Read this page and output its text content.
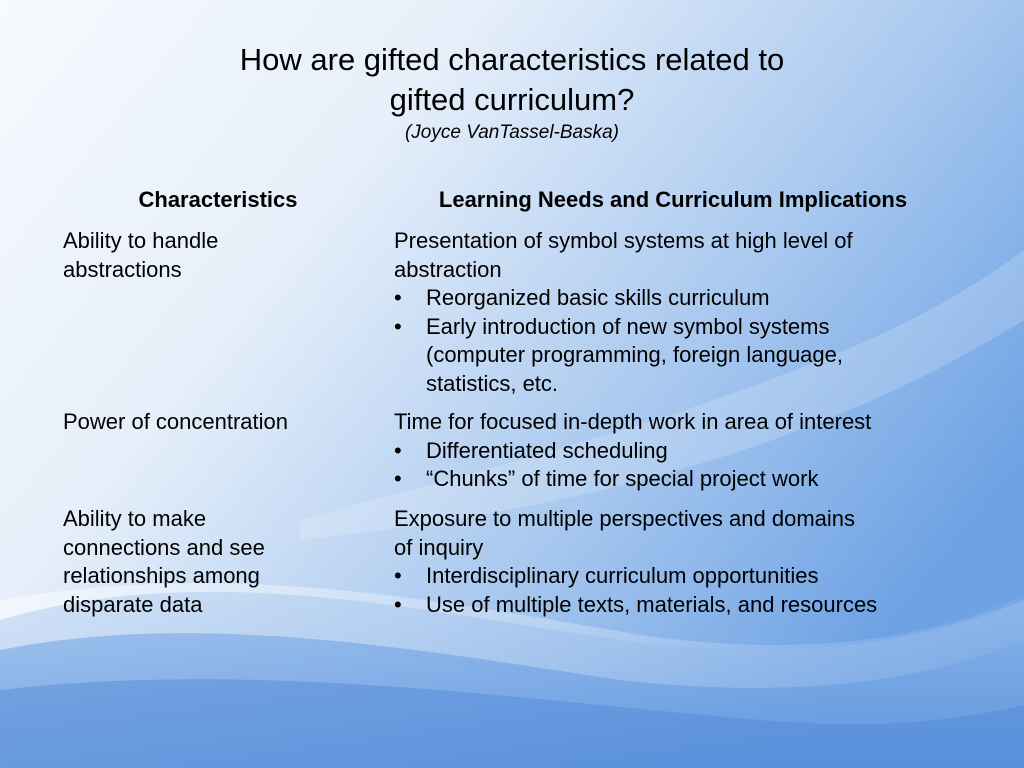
How are gifted characteristics related to
gifted curriculum?
(Joyce VanTassel-Baska)
Characteristics	Learning Needs and Curriculum Implications
Ability to handle
abstractions

Presentation of symbol systems at high level of

abstraction

• Reorganized basic skills curriculum
• Early introduction of new symbol systems (computer programming, foreign language, statistics, etc.
Power of concentration	Time for focused in-depth work in area of interest

• Differentiated scheduling
• “Chunks” of time for special project work
Ability to make
connections and see
relationships among
disparate data

Exposure to multiple perspectives and domains

of inquiry

• Interdisciplinary curriculum opportunities
• Use of multiple texts, materials, and resources
